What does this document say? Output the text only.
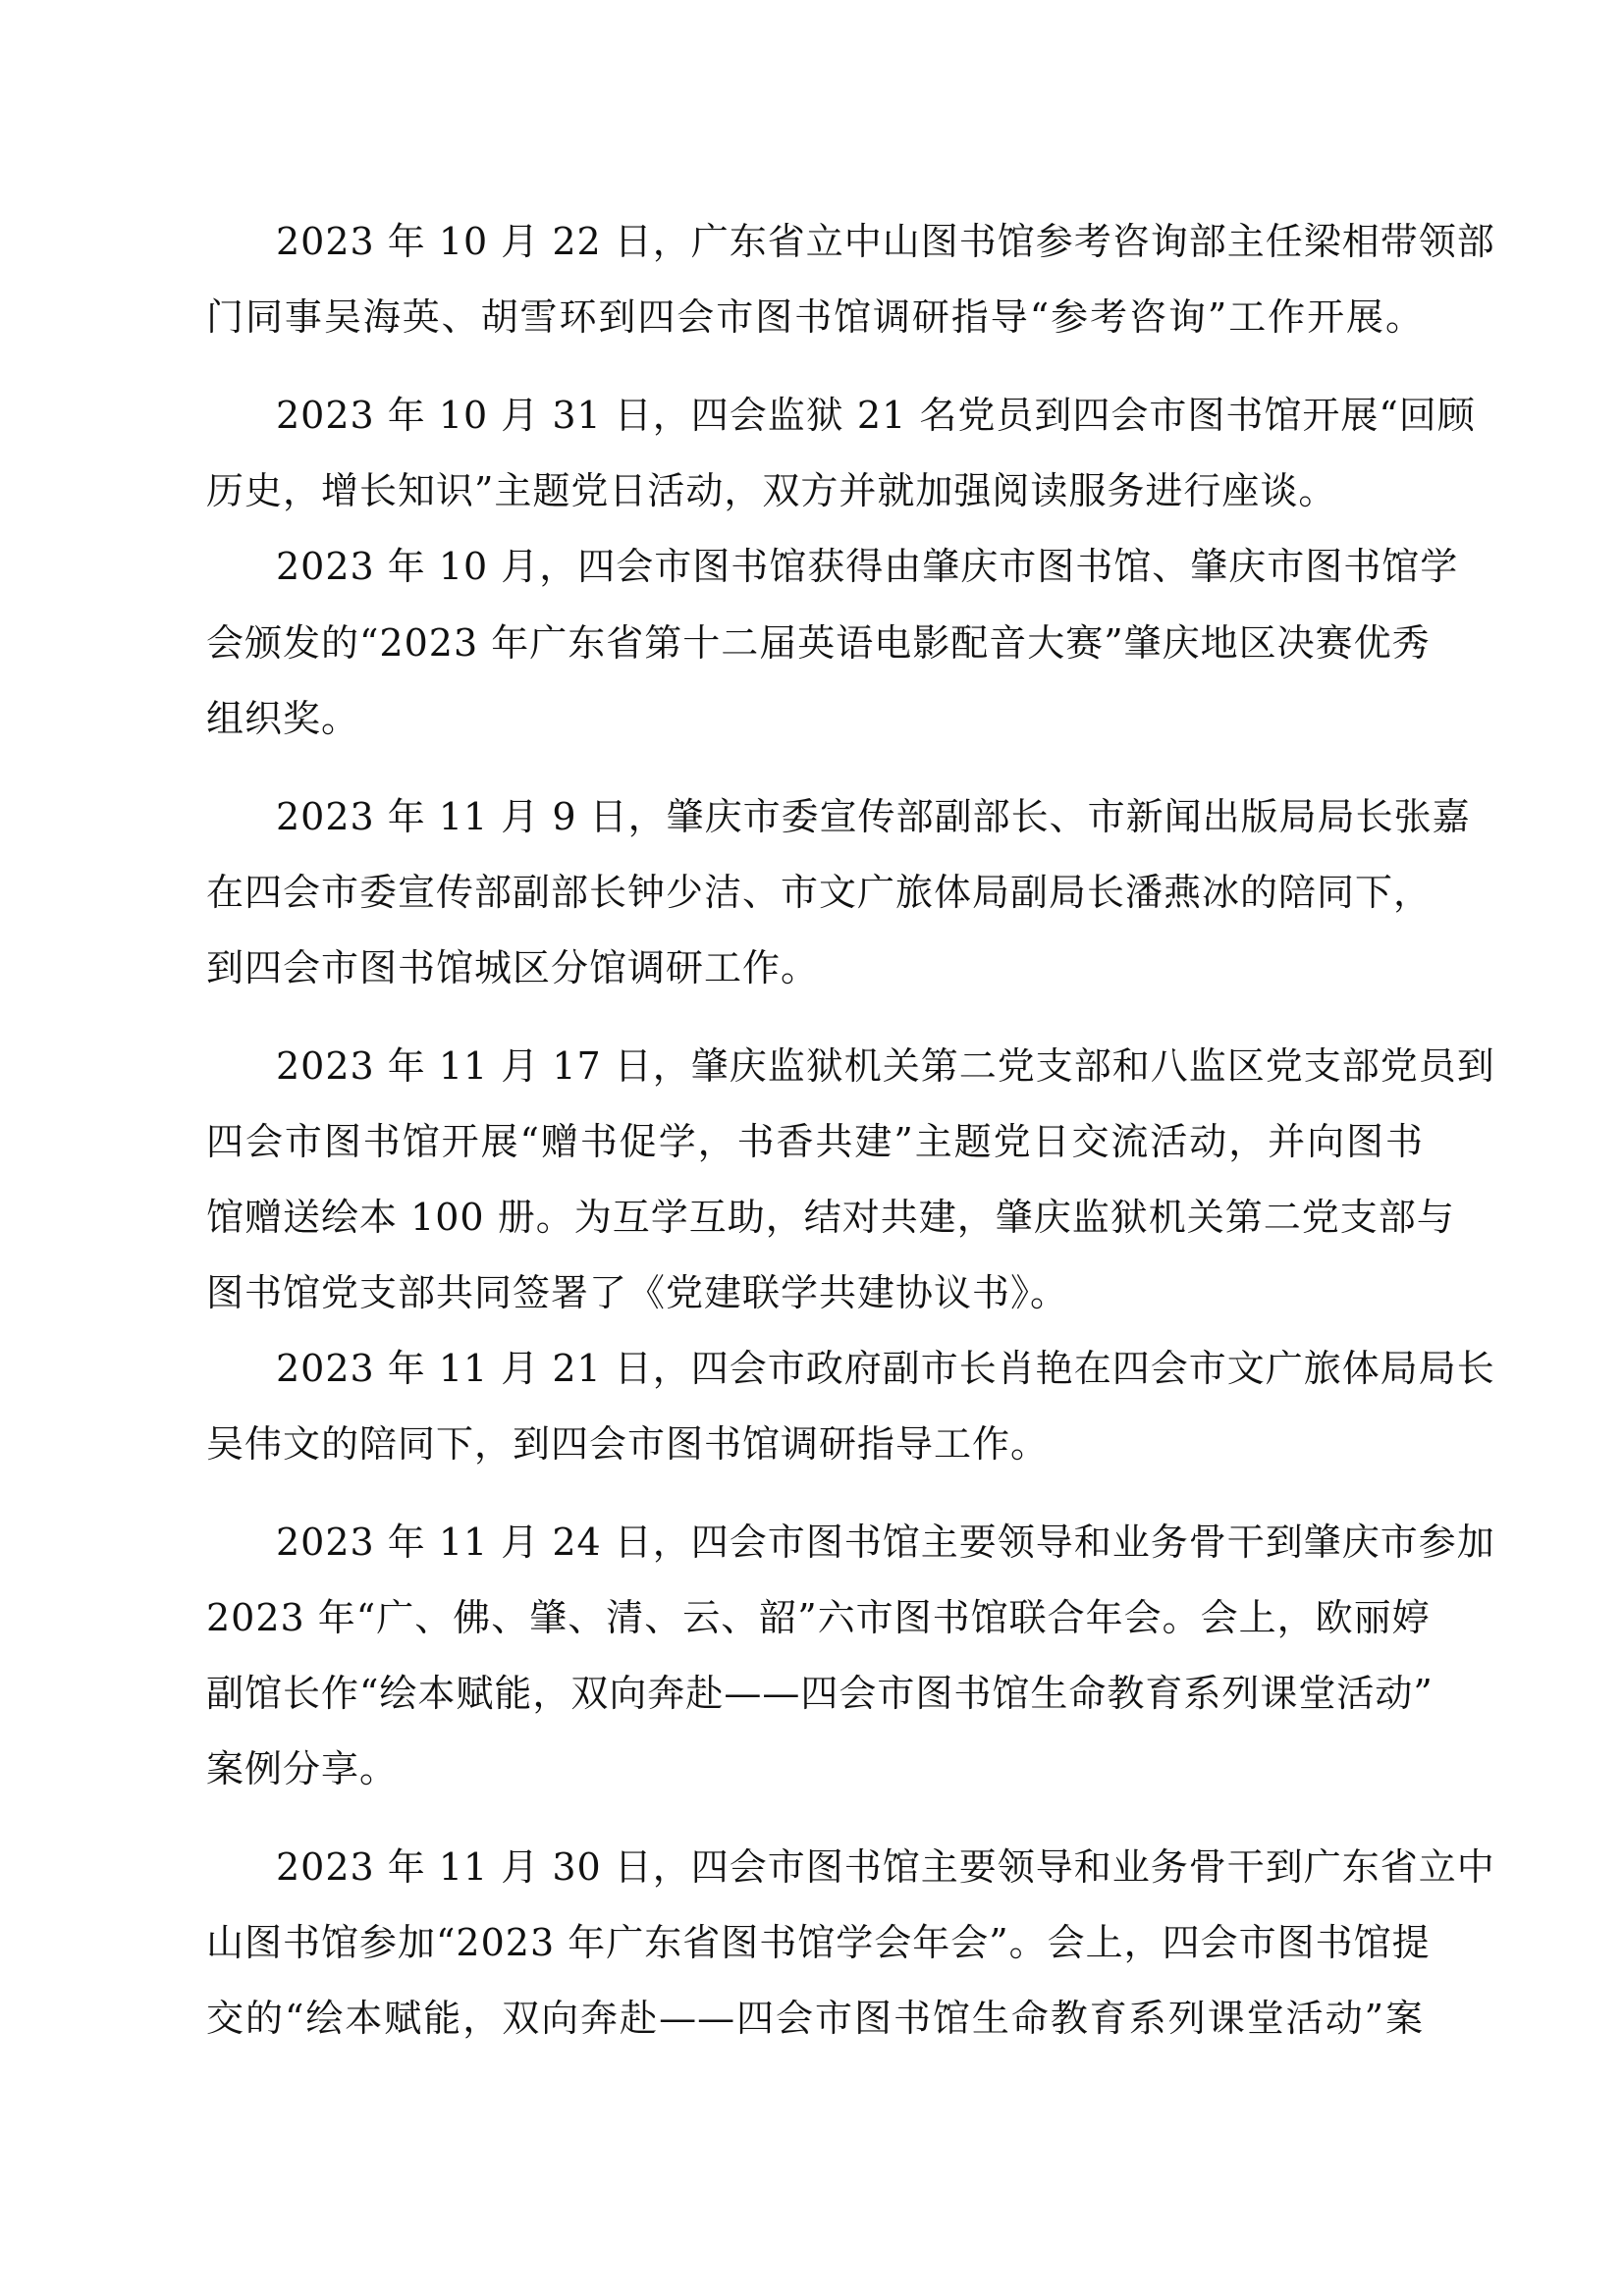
2023 年 10 月 22 日，广东省立中山图书馆参考咨询部主任梁相带领部
门同事吴海英、胡雪环到四会市图书馆调研指导“参考咨询”工作开展。
2023 年 10 月 31 日，四会监狱 21 名党员到四会市图书馆开展“回顾
历史，增长知识”主题党日活动，双方并就加强阅读服务进行座谈。
2023 年 10 月，四会市图书馆获得由肇庆市图书馆、肇庆市图书馆学
会颁发的“2023 年广东省第十二届英语电影配音大赛”肇庆地区决赛优秀
组织奖。
2023 年 11 月 9 日，肇庆市委宣传部副部长、市新闻出版局局长张嘉
在四会市委宣传部副部长钟少洁、市文广旅体局副局长潘燕冰的陪同下，
到四会市图书馆城区分馆调研工作。
2023 年 11 月 17 日，肇庆监狱机关第二党支部和八监区党支部党员到
四会市图书馆开展“赠书促学，书香共建”主题党日交流活动，并向图书
馆赠送绘本 100 册。为互学互助，结对共建，肇庆监狱机关第二党支部与
图书馆党支部共同签署了《党建联学共建协议书》。
2023 年 11 月 21 日，四会市政府副市长肖艳在四会市文广旅体局局长
吴伟文的陪同下，到四会市图书馆调研指导工作。
2023 年 11 月 24 日，四会市图书馆主要领导和业务骨干到肇庆市参加
2023 年“广、佛、肇、清、云、韶”六市图书馆联合年会。会上，欧丽婷
副馆长作“绘本赋能，双向奔赴——四会市图书馆生命教育系列课堂活动”
案例分享。
2023 年 11 月 30 日，四会市图书馆主要领导和业务骨干到广东省立中
山图书馆参加“2023 年广东省图书馆学会年会”。会上，四会市图书馆提
交的“绘本赋能，双向奔赴——四会市图书馆生命教育系列课堂活动”案
